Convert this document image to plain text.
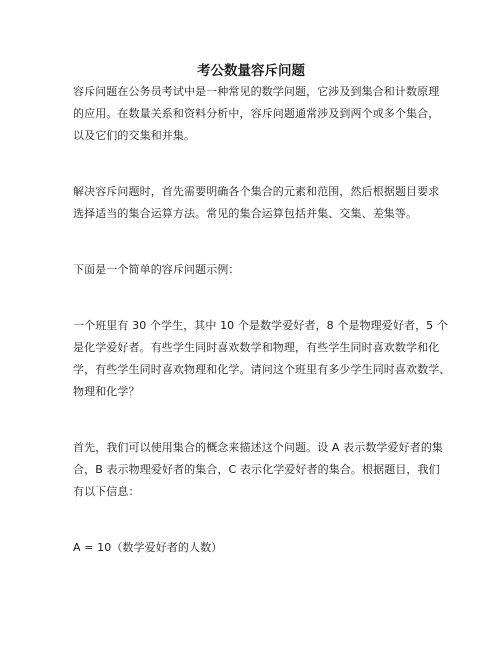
考公数量容斥问题
容斥问题在公务员考试中是一种常见的数学问题，它涉及到集合和计数原理
的应用。在数量关系和资料分析中，容斥问题通常涉及到两个或多个集合，
以及它们的交集和并集。
解决容斥问题时，首先需要明确各个集合的元素和范围，然后根据题目要求
选择适当的集合运算方法。常见的集合运算包括并集、交集、差集等。
下面是一个简单的容斥问题示例：
一个班里有 30 个学生，其中 10 个是数学爱好者，8 个是物理爱好者，5 个
是化学爱好者。有些学生同时喜欢数学和物理，有些学生同时喜欢数学和化
学，有些学生同时喜欢物理和化学。请问这个班里有多少学生同时喜欢数学、
物理和化学？
首先，我们可以使用集合的概念来描述这个问题。设 A 表示数学爱好者的集
合，B 表示物理爱好者的集合，C 表示化学爱好者的集合。根据题目，我们
有以下信息：
A = 10（数学爱好者的人数）
